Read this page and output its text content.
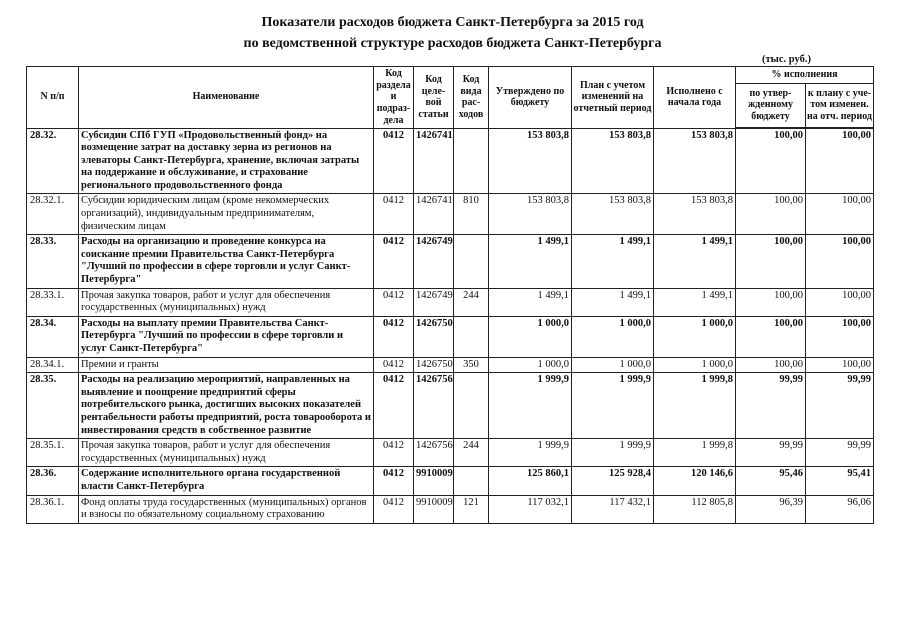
Показатели расходов бюджета Санкт-Петербурга за 2015 год
по ведомственной структуре расходов бюджета Санкт-Петербурга
(тыс. руб.)
N п/п	Наименование	Код раздела и подраз-дела	Код целе-вой статьи	Код вида рас-ходов	Утверждено по бюджету	План с учетом изменений на отчетный период	Исполнено с начала года	% исполнения	
								по утвер-жденному бюджету	к плану с уче-том изменен. на отч. период
28.32.	Субсидии СПб ГУП «Продовольственный фонд» на возмещение затрат на доставку зерна из регионов на элеваторы Санкт-Петербурга, хранение, включая затраты на поддержание и обслуживание, и страхование регионального продовольственного фонда	0412	1426741		153 803,8	153 803,8	153 803,8	100,00	100,00
28.32.1.	Субсидии юридическим лицам (кроме некоммерческих организаций), индивидуальным предпринимателям, физическим лицам	0412	1426741	810	153 803,8	153 803,8	153 803,8	100,00	100,00
28.33.	Расходы на организацию и проведение конкурса на соискание премии Правительства Санкт-Петербурга "Лучший по профессии в сфере торговли и услуг Санкт-Петербурга"	0412	1426749		1 499,1	1 499,1	1 499,1	100,00	100,00
28.33.1.	Прочая закупка товаров, работ и услуг для обеспечения государственных (муниципальных) нужд	0412	1426749	244	1 499,1	1 499,1	1 499,1	100,00	100,00
28.34.	Расходы на выплату премии Правительства Санкт-Петербурга "Лучший по профессии в сфере торговли и услуг Санкт-Петербурга"	0412	1426750		1 000,0	1 000,0	1 000,0	100,00	100,00
28.34.1.	Премии и гранты	0412	1426750	350	1 000,0	1 000,0	1 000,0	100,00	100,00
28.35.	Расходы на реализацию мероприятий, направленных на выявление и поощрение предприятий сферы потребительского рынка, достигших высоких показателей рентабельности работы предприятий, роста товарооборота и инвестирования средств в собственное развитие	0412	1426756		1 999,9	1 999,9	1 999,8	99,99	99,99
28.35.1.	Прочая закупка товаров, работ и услуг для обеспечения государственных (муниципальных) нужд	0412	1426756	244	1 999,9	1 999,9	1 999,8	99,99	99,99
28.36.	Содержание исполнительного органа государственной власти Санкт-Петербурга	0412	9910009		125 860,1	125 928,4	120 146,6	95,46	95,41
28.36.1.	Фонд оплаты труда государственных (муниципальных) органов и взносы по обязательному социальному страхованию	0412	9910009	121	117 032,1	117 432,1	112 805,8	96,39	96,06
